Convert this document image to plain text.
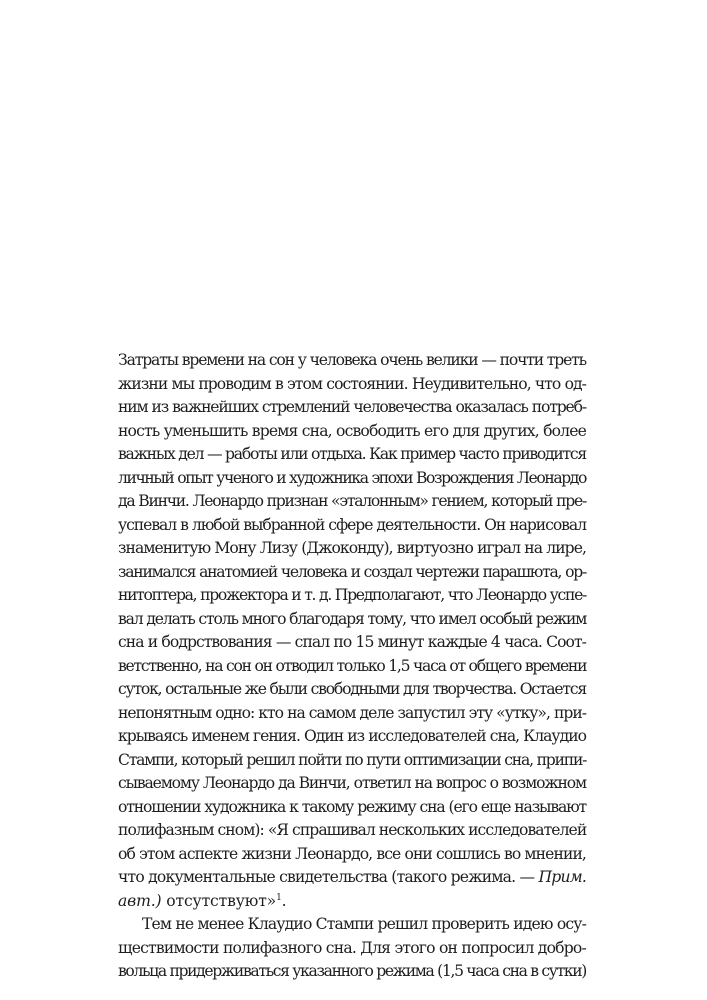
Затраты времени на сон у человека очень велики — почти треть
жизни мы проводим в этом состоянии. Неудивительно, что од-
ним из важнейших стремлений человечества оказалась потреб-
ность уменьшить время сна, освободить его для других, более
важных дел — работы или отдыха. Как пример часто приводится
личный опыт ученого и художника эпохи Возрождения Леонардо
да Винчи. Леонардо признан «эталонным» гением, который пре-
успевал в любой выбранной сфере деятельности. Он нарисовал
знаменитую Мону Лизу (Джоконду), виртуозно играл на лире,
занимался анатомией человека и создал чертежи парашюта, ор-
нитоптера, прожектора и т. д. Предполагают, что Леонардо успе-
вал делать столь много благодаря тому, что имел особый режим
сна и бодрствования — спал по 15 минут каждые 4 часа. Соот-
ветственно, на сон он отводил только 1,5 часа от общего времени
суток, остальные же были свободными для творчества. Остается
непонятным одно: кто на самом деле запустил эту «утку», при-
крываясь именем гения. Один из исследователей сна, Клаудио
Стампи, который решил пойти по пути оптимизации сна, припи-
сываемому Леонардо да Винчи, ответил на вопрос о возможном
отношении художника к такому режиму сна (его еще называют
полифазным сном): «Я спрашивал нескольких исследователей
об этом аспекте жизни Леонардо, все они сошлись во мнении,
что документальные свидетельства (такого режима. — Прим.
авт.) отсутствуют»$^1$.
Тем не менее Клаудио Стампи решил проверить идею осу-
ществимости полифазного сна. Для этого он попросил добро-
вольца придерживаться указанного режима (1,5 часа сна в сутки)
